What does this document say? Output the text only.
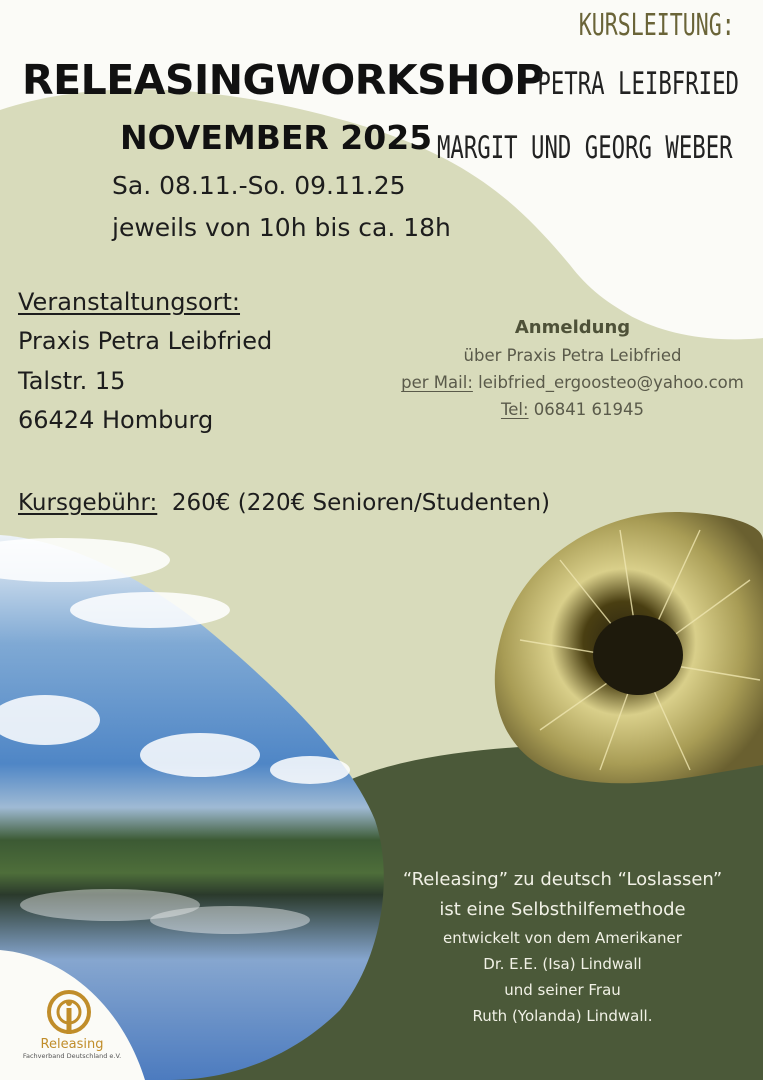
RELEASINGWORKSHOP
NOVEMBER 2025
Sa. 08.11.-So. 09.11.25
jeweils von 10h bis ca. 18h
KURSLEITUNG:
PETRA LEIBFRIED
MARGIT UND GEORG WEBER
Veranstaltungsort:
Praxis Petra Leibfried
Talstr. 15
66424 Homburg
Anmeldung
über Praxis Petra Leibfried
per Mail: leibfried_ergoosteo@yahoo.com
Tel: 06841 61945
Kursgebühr: 260€ (220€ Senioren/Studenten)
“Releasing” zu deutsch “Loslassen”
ist eine Selbsthilfemethode
entwickelt von dem Amerikaner
Dr. E.E. (Isa) Lindwall
und seiner Frau
Ruth (Yolanda) Lindwall.
Releasing
Fachverband Deutschland e.V.
